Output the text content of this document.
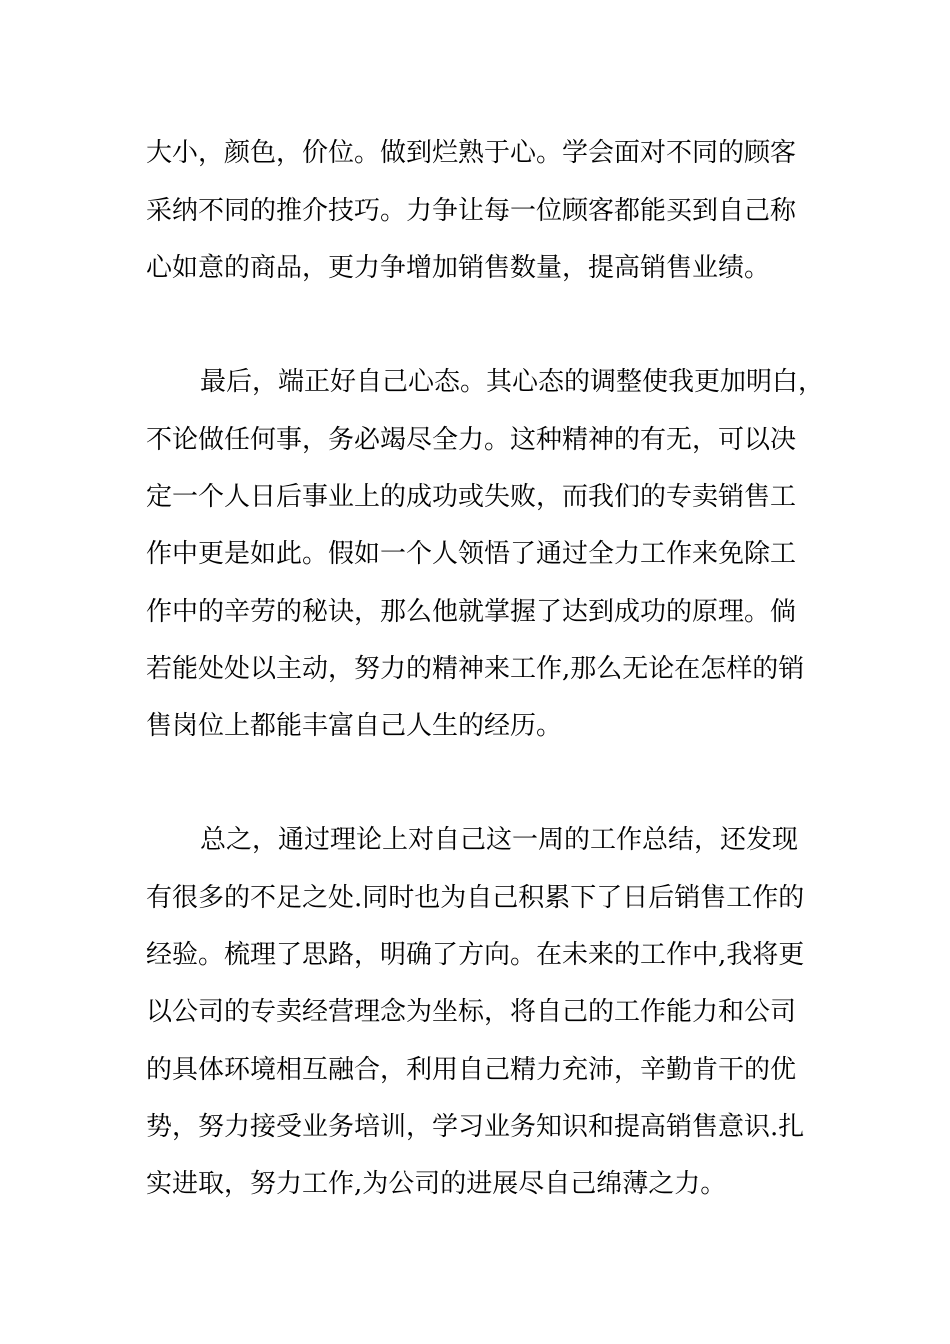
大小，颜色，价位。做到烂熟于心。学会面对不同的顾客
采纳不同的推介技巧。力争让每一位顾客都能买到自己称
心如意的商品，更力争增加销售数量，提高销售业绩。
最后，端正好自己心态。其心态的调整使我更加明白，
不论做任何事，务必竭尽全力。这种精神的有无，可以决
定一个人日后事业上的成功或失败，而我们的专卖销售工
作中更是如此。假如一个人领悟了通过全力工作来免除工
作中的辛劳的秘诀，那么他就掌握了达到成功的原理。倘
若能处处以主动，努力的精神来工作,那么无论在怎样的销
售岗位上都能丰富自己人生的经历。
总之，通过理论上对自己这一周的工作总结，还发现
有很多的不足之处.同时也为自己积累下了日后销售工作的
经验。梳理了思路，明确了方向。在未来的工作中,我将更
以公司的专卖经营理念为坐标，将自己的工作能力和公司
的具体环境相互融合，利用自己精力充沛，辛勤肯干的优
势，努力接受业务培训，学习业务知识和提高销售意识.扎
实进取，努力工作,为公司的进展尽自己绵薄之力。
